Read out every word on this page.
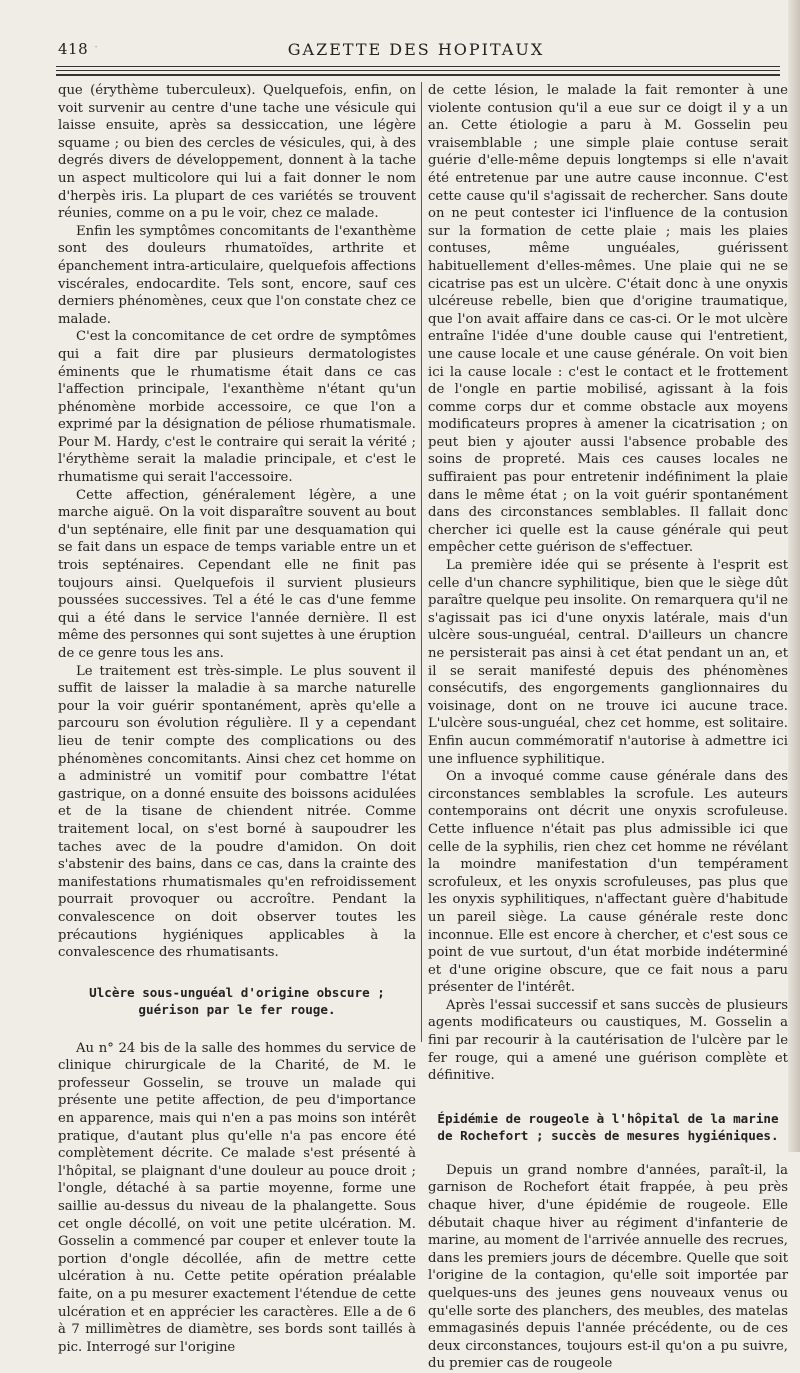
418 ·	GAZETTE DES HOPITAUX

que (érythème tuberculeux). Quelquefois, enfin, on voit survenir au centre d'une tache une vésicule qui laisse ensuite, après sa dessiccation, une légère squame ; ou bien des cercles de vésicules, qui, à des degrés divers de développement, donnent à la tache un aspect multicolore qui lui a fait donner le nom d'herpès iris. La plupart de ces variétés se trouvent réunies, comme on a pu le voir, chez ce malade.

Enfin les symptômes concomitants de l'exanthème sont des douleurs rhumatoïdes, arthrite et épanchement intra-articulaire, quelquefois affections viscérales, endocardite. Tels sont, encore, sauf ces derniers phénomènes, ceux que l'on constate chez ce malade.

C'est la concomitance de cet ordre de symptômes qui a fait dire par plusieurs dermatologistes éminents que le rhumatisme était dans ce cas l'affection principale, l'exanthème n'étant qu'un phénomène morbide accessoire, ce que l'on a exprimé par la désignation de péliose rhumatismale. Pour M. Hardy, c'est le contraire qui serait la vérité ; l'érythème serait la maladie principale, et c'est le rhumatisme qui serait l'accessoire.

Cette affection, généralement légère, a une marche aiguë. On la voit disparaître souvent au bout d'un septénaire, elle finit par une desquamation qui se fait dans un espace de temps variable entre un et trois septénaires. Cependant elle ne finit pas toujours ainsi. Quelquefois il survient plusieurs poussées successives. Tel a été le cas d'une femme qui a été dans le service l'année dernière. Il est même des personnes qui sont sujettes à une éruption de ce genre tous les ans.

Le traitement est très-simple. Le plus souvent il suffit de laisser la maladie à sa marche naturelle pour la voir guérir spontanément, après qu'elle a parcouru son évolution régulière. Il y a cependant lieu de tenir compte des complications ou des phénomènes concomitants. Ainsi chez cet homme on a administré un vomitif pour combattre l'état gastrique, on a donné ensuite des boissons acidulées et de la tisane de chiendent nitrée. Comme traitement local, on s'est borné à saupoudrer les taches avec de la poudre d'amidon. On doit s'abstenir des bains, dans ce cas, dans la crainte des manifestations rhumatismales qu'en refroidissement pourrait provoquer ou accroître. Pendant la convalescence on doit observer toutes les précautions hygiéniques applicables à la convalescence des rhumatisants.

Ulcère sous-unguéal d'origine obscure ; guérison par le fer rouge.

Au n° 24 bis de la salle des hommes du service de clinique chirurgicale de la Charité, de M. le professeur Gosselin, se trouve un malade qui présente une petite affection, de peu d'importance en apparence, mais qui n'en a pas moins son intérêt pratique, d'autant plus qu'elle n'a pas encore été complètement décrite. Ce malade s'est présenté à l'hôpital, se plaignant d'une douleur au pouce droit ; l'ongle, détaché à sa partie moyenne, forme une saillie au-dessus du niveau de la phalangette. Sous cet ongle décollé, on voit une petite ulcération. M. Gosselin a commencé par couper et enlever toute la portion d'ongle décollée, afin de mettre cette ulcération à nu. Cette petite opération préalable faite, on a pu mesurer exactement l'étendue de cette ulcération et en apprécier les caractères. Elle a de 6 à 7 millimètres de diamètre, ses bords sont taillés à pic. Interrogé sur l'origine

de cette lésion, le malade la fait remonter à une violente contusion qu'il a eue sur ce doigt il y a un an. Cette étiologie a paru à M. Gosselin peu vraisemblable ; une simple plaie contuse serait guérie d'elle-même depuis longtemps si elle n'avait été entretenue par une autre cause inconnue. C'est cette cause qu'il s'agissait de rechercher. Sans doute on ne peut contester ici l'influence de la contusion sur la formation de cette plaie ; mais les plaies contuses, même unguéales, guérissent habituellement d'elles-mêmes. Une plaie qui ne se cicatrise pas est un ulcère. C'était donc à une onyxis ulcéreuse rebelle, bien que d'origine traumatique, que l'on avait affaire dans ce cas-ci. Or le mot ulcère entraîne l'idée d'une double cause qui l'entretient, une cause locale et une cause générale. On voit bien ici la cause locale : c'est le contact et le frottement de l'ongle en partie mobilisé, agissant à la fois comme corps dur et comme obstacle aux moyens modificateurs propres à amener la cicatrisation ; on peut bien y ajouter aussi l'absence probable des soins de propreté. Mais ces causes locales ne suffiraient pas pour entretenir indéfiniment la plaie dans le même état ; on la voit guérir spontanément dans des circonstances semblables. Il fallait donc chercher ici quelle est la cause générale qui peut empêcher cette guérison de s'effectuer.

La première idée qui se présente à l'esprit est celle d'un chancre syphilitique, bien que le siège dût paraître quelque peu insolite. On remarquera qu'il ne s'agissait pas ici d'une onyxis latérale, mais d'un ulcère sous-unguéal, central. D'ailleurs un chancre ne persisterait pas ainsi à cet état pendant un an, et il se serait manifesté depuis des phénomènes consécutifs, des engorgements ganglionnaires du voisinage, dont on ne trouve ici aucune trace. L'ulcère sous-unguéal, chez cet homme, est solitaire. Enfin aucun commémoratif n'autorise à admettre ici une influence syphilitique.

On a invoqué comme cause générale dans des circonstances semblables la scrofule. Les auteurs contemporains ont décrit une onyxis scrofuleuse. Cette influence n'était pas plus admissible ici que celle de la syphilis, rien chez cet homme ne révélant la moindre manifestation d'un tempérament scrofuleux, et les onyxis scrofuleuses, pas plus que les onyxis syphilitiques, n'affectant guère d'habitude un pareil siège. La cause générale reste donc inconnue. Elle est encore à chercher, et c'est sous ce point de vue surtout, d'un état morbide indéterminé et d'une origine obscure, que ce fait nous a paru présenter de l'intérêt.

Après l'essai successif et sans succès de plusieurs agents modificateurs ou caustiques, M. Gosselin a fini par recourir à la cautérisation de l'ulcère par le fer rouge, qui a amené une guérison complète et définitive.

Épidémie de rougeole à l'hôpital de la marine de Rochefort ; succès de mesures hygiéniques.

Depuis un grand nombre d'années, paraît-il, la garnison de Rochefort était frappée, à peu près chaque hiver, d'une épidémie de rougeole. Elle débutait chaque hiver au régiment d'infanterie de marine, au moment de l'arrivée annuelle des recrues, dans les premiers jours de décembre. Quelle que soit l'origine de la contagion, qu'elle soit importée par quelques-uns des jeunes gens nouveaux venus ou qu'elle sorte des planchers, des meubles, des matelas emmagasinés depuis l'année précédente, ou de ces deux circonstances, toujours est-il qu'on a pu suivre, du premier cas de rougeole
